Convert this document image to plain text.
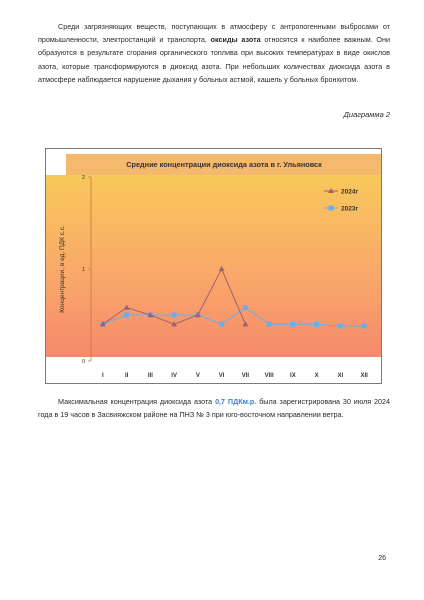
Среди загрязняющих веществ, поступающих в атмосферу с антропогенными выбросами от промышленности, электростанций и транспорта, оксиды азота относятся к наиболее важным. Они образуются в результате сгорания органического топлива при высоких температурах в виде окислов азота, которые трансформируются в диоксид азота. При небольших количествах диоксида азота в атмосфере наблюдается нарушение дыхания у больных астмой, кашель у больных бронхитом.

Диаграмма 2

Средние концентрации диоксида азота в г. Ульяновск
Концентрации, в ед. ПДК с.с.
0
1
2
I	II	III	IV	V	VI	VII	VIII	IX	X	XI	XII
2024г
2023г

Максимальная концентрация диоксида азота 0,7 ПДКм.р. была зарегистрирована 30 июля 2024 года в 19 часов в Засвияжском районе на ПНЗ № 3 при юго-восточном направлении ветра.

26
